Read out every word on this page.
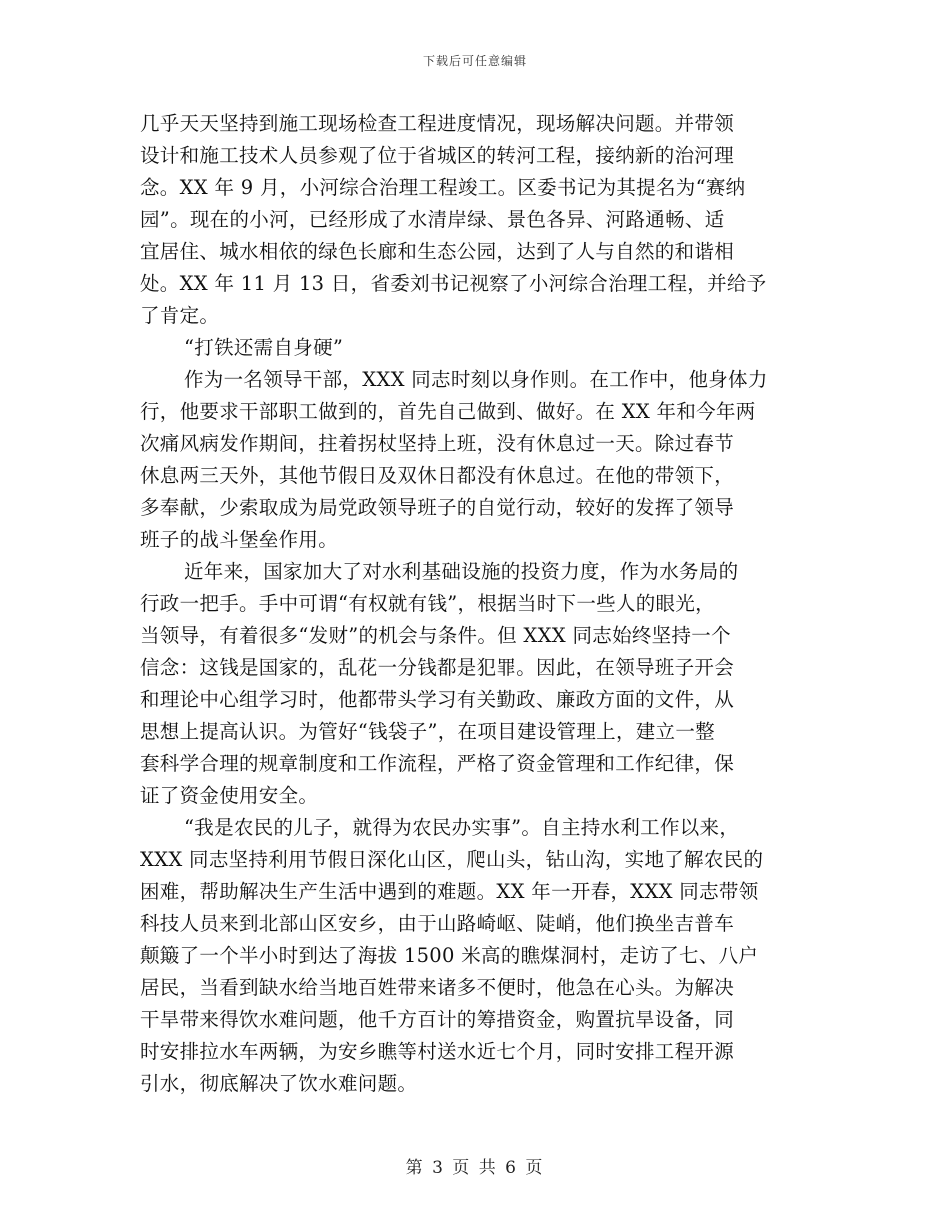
下载后可任意编辑
几乎天天坚持到施工现场检查工程进度情况，现场解决问题。并带领
设计和施工技术人员参观了位于省城区的转河工程，接纳新的治河理
念。XX 年 9 月，小河综合治理工程竣工。区委书记为其提名为“赛纳
园”。现在的小河，已经形成了水清岸绿、景色各异、河路通畅、适
宜居住、城水相依的绿色长廊和生态公园，达到了人与自然的和谐相
处。XX 年 11 月 13 日，省委刘书记视察了小河综合治理工程，并给予
了肯定。
“打铁还需自身硬”
作为一名领导干部，XXX 同志时刻以身作则。在工作中，他身体力
行，他要求干部职工做到的，首先自己做到、做好。在 XX 年和今年两
次痛风病发作期间，拄着拐杖坚持上班，没有休息过一天。除过春节
休息两三天外，其他节假日及双休日都没有休息过。在他的带领下，
多奉献，少索取成为局党政领导班子的自觉行动，较好的发挥了领导
班子的战斗堡垒作用。
近年来，国家加大了对水利基础设施的投资力度，作为水务局的
行政一把手。手中可谓“有权就有钱”，根据当时下一些人的眼光，
当领导，有着很多“发财”的机会与条件。但 XXX 同志始终坚持一个
信念：这钱是国家的，乱花一分钱都是犯罪。因此，在领导班子开会
和理论中心组学习时，他都带头学习有关勤政、廉政方面的文件，从
思想上提高认识。为管好“钱袋子”，在项目建设管理上，建立一整
套科学合理的规章制度和工作流程，严格了资金管理和工作纪律，保
证了资金使用安全。
“我是农民的儿子，就得为农民办实事”。自主持水利工作以来，
XXX 同志坚持利用节假日深化山区，爬山头，钻山沟，实地了解农民的
困难，帮助解决生产生活中遇到的难题。XX 年一开春，XXX 同志带领
科技人员来到北部山区安乡，由于山路崎岖、陡峭，他们换坐吉普车
颠簸了一个半小时到达了海拔 1500 米高的瞧煤洞村，走访了七、八户
居民，当看到缺水给当地百姓带来诸多不便时，他急在心头。为解决
干旱带来得饮水难问题，他千方百计的筹措资金，购置抗旱设备，同
时安排拉水车两辆，为安乡瞧等村送水近七个月，同时安排工程开源
引水，彻底解决了饮水难问题。
第 3 页 共 6 页
